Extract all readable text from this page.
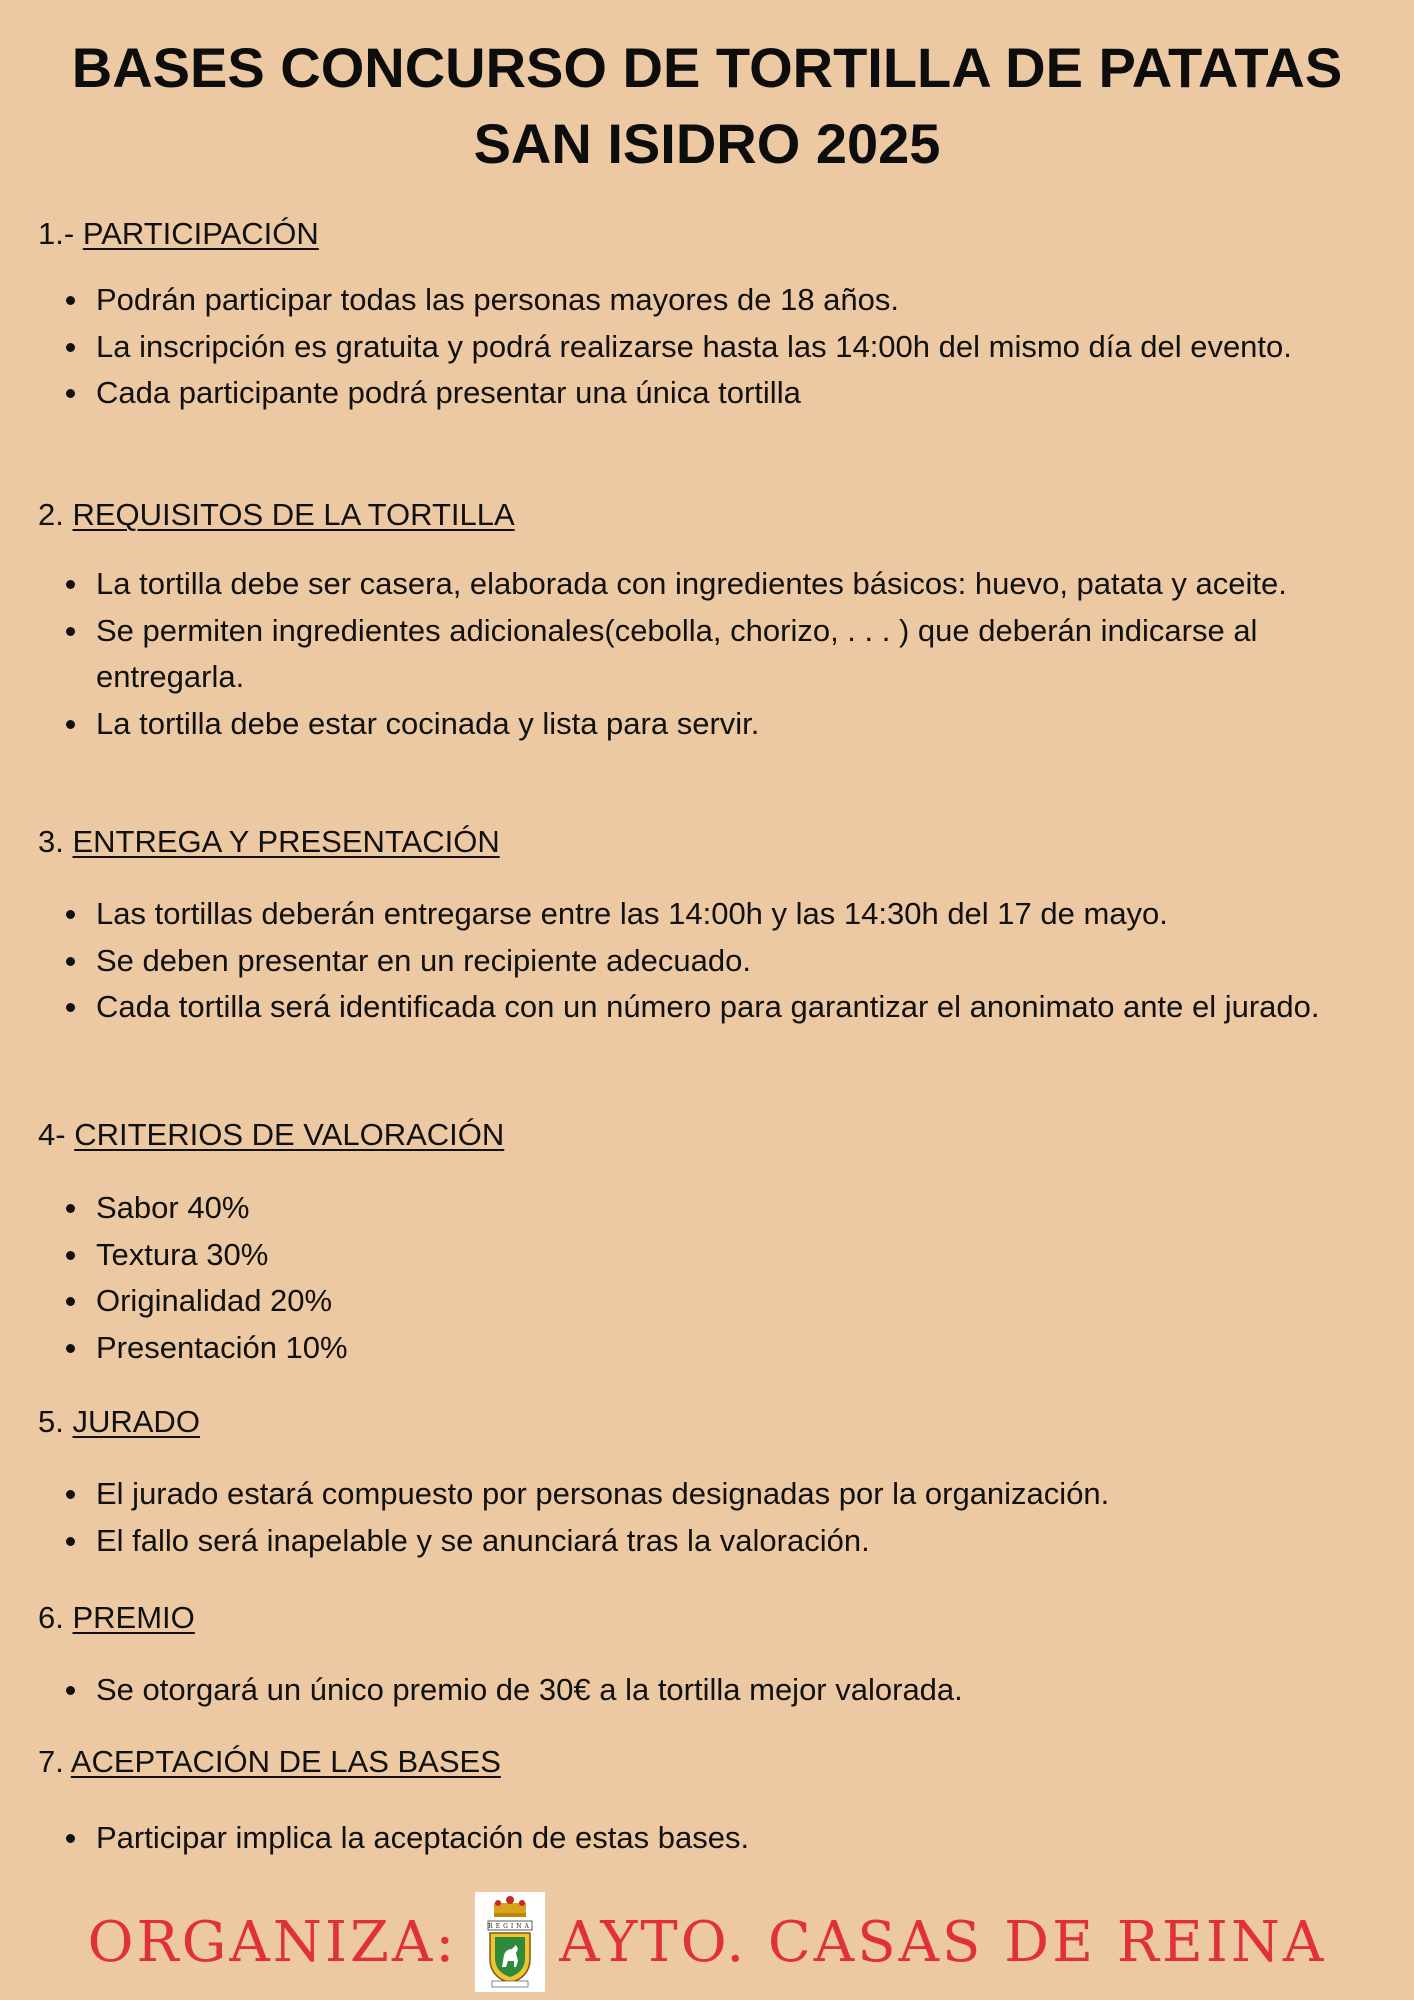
BASES CONCURSO DE TORTILLA DE PATATAS
SAN ISIDRO 2025
1.- PARTICIPACIÓN
Podrán participar todas las personas mayores de 18 años.
La inscripción es gratuita y podrá realizarse hasta las 14:00h del mismo día del evento.
Cada participante podrá presentar una única tortilla
2. REQUISITOS DE LA TORTILLA
La tortilla debe ser casera, elaborada con ingredientes básicos: huevo, patata y aceite.
Se permiten ingredientes adicionales(cebolla, chorizo, . . . ) que deberán indicarse al entregarla.
La tortilla debe estar cocinada y lista para servir.
3. ENTREGA Y PRESENTACIÓN
Las tortillas deberán entregarse entre las 14:00h y las 14:30h del 17 de mayo.
Se deben presentar en un recipiente adecuado.
Cada tortilla será identificada con un número para garantizar el anonimato ante el jurado.
4- CRITERIOS DE VALORACIÓN
Sabor 40%
Textura 30%
Originalidad 20%
Presentación 10%
5. JURADO
El jurado estará compuesto por personas designadas por la organización.
El fallo será inapelable y se anunciará tras la valoración.
6. PREMIO
Se otorgará un único premio de 30€ a la tortilla mejor valorada.
7. ACEPTACIÓN DE LAS BASES
Participar implica la aceptación de estas bases.
ORGANIZA:	REGINA AYTO. CASAS DE REINA
